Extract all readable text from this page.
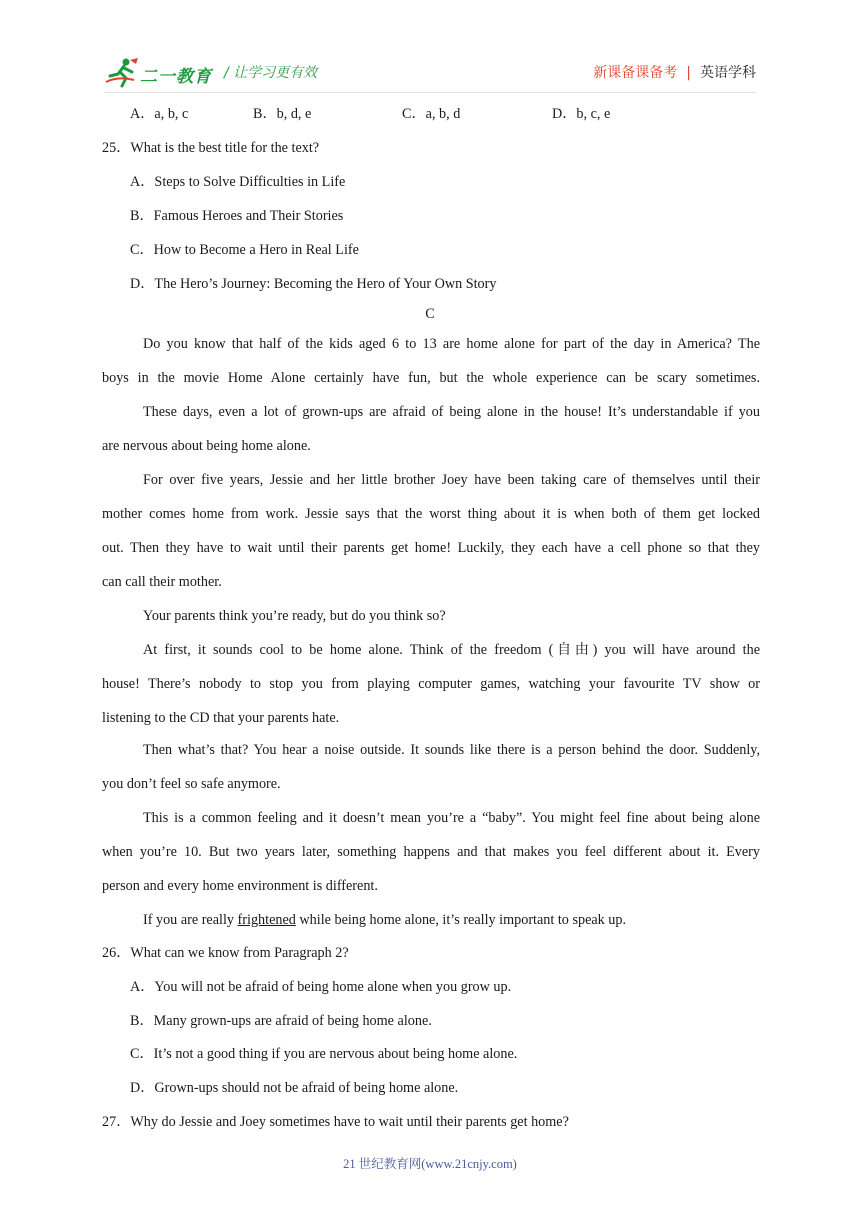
二一教育 / 让学习更有效	新课备课备考 | 英语学科
A．a, b, c	B．b, d, e	C．a, b, d	D．b, c, e
25．What is the best title for the text?
A．Steps to Solve Difficulties in Life
B．Famous Heroes and Their Stories
C．How to Become a Hero in Real Life
D．The Hero’s Journey: Becoming the Hero of Your Own Story
C
Do you know that half of the kids aged 6 to 13 are home alone for part of the day in America? The
boys in the movie Home Alone certainly have fun, but the whole experience can be scary sometimes.
These days, even a lot of grown-ups are afraid of being alone in the house! It’s understandable if you
are nervous about being home alone.
For over five years, Jessie and her little brother Joey have been taking care of themselves until their
mother comes home from work. Jessie says that the worst thing about it is when both of them get locked
out. Then they have to wait until their parents get home! Luckily, they each have a cell phone so that they
can call their mother.
Your parents think you’re ready, but do you think so?
At first, it sounds cool to be home alone. Think of the freedom (自由) you will have around the
house! There’s nobody to stop you from playing computer games, watching your favourite TV show or
listening to the CD that your parents hate.
Then what’s that? You hear a noise outside. It sounds like there is a person behind the door. Suddenly,
you don’t feel so safe anymore.
This is a common feeling and it doesn’t mean you’re a “baby”. You might feel fine about being alone
when you’re 10. But two years later, something happens and that makes you feel different about it. Every
person and every home environment is different.
If you are really frightened while being home alone, it’s really important to speak up.
26．What can we know from Paragraph 2?
A．You will not be afraid of being home alone when you grow up.
B．Many grown-ups are afraid of being home alone.
C．It’s not a good thing if you are nervous about being home alone.
D．Grown-ups should not be afraid of being home alone.
27．Why do Jessie and Joey sometimes have to wait until their parents get home?
21 世纪教育网(www.21cnjy.com)
